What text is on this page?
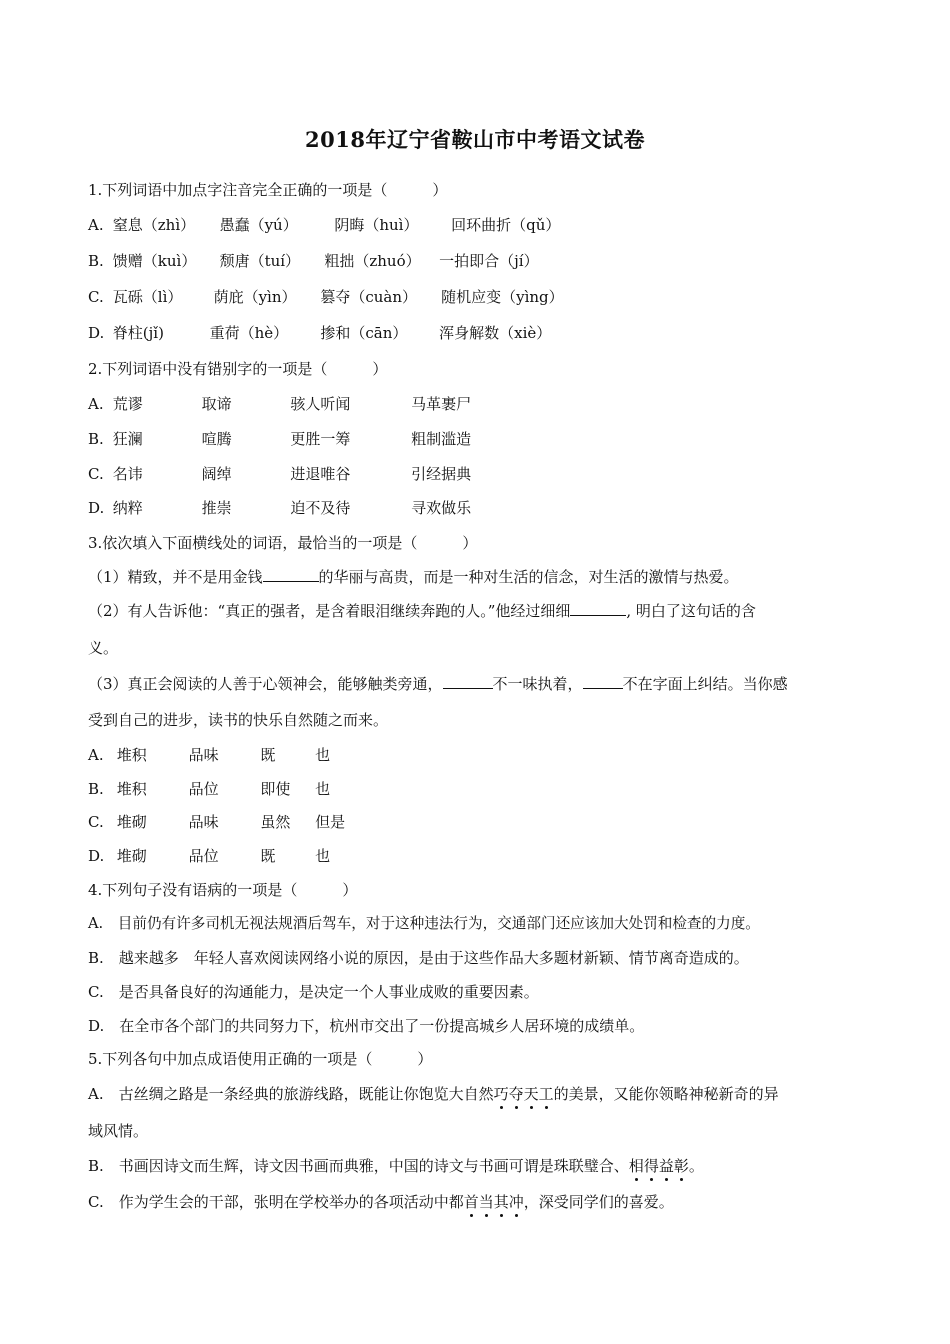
2018年辽宁省鞍山市中考语文试卷
1.下列词语中加点字注音完全正确的一项是（　　　）
A. 窒息（zhì） 愚蠢（yú） 阴晦（huì） 回环曲折（qǔ）
B. 馈赠（kuì） 颓唐（tuí） 粗拙（zhuó） 一拍即合（jí）
C. 瓦砾（lì） 荫庇（yìn） 篡夺（cuàn） 随机应变（yìng）
D. 脊柱(jǐ)	重荷（hè） 掺和（cān） 浑身解数（xiè）
2.下列词语中没有错别字的一项是（　　　）
A. 荒谬	取谛	骇人听闻	马革裹尸
B. 狂澜	喧腾	更胜一筹	粗制滥造
C. 名讳	阔绰	进退唯谷	引经据典
D. 纳粹	推崇	迫不及待	寻欢做乐
3.依次填入下面横线处的词语，最恰当的一项是（　　　）
（1）精致，并不是用金钱	的华丽与高贵，而是一种对生活的信念，对生活的激情与热爱。
（2）有人告诉他：“真正的强者，是含着眼泪继续奔跑的人。”他经过细细	, 明白了这句话的含
义。
（3）真正会阅读的人善于心领神会，能够触类旁通，	不一味执着，	不在字面上纠结。当你感
受到自己的进步，读书的快乐自然随之而来。
A. 堆积	品味	既	也
B. 堆积	品位	即使 也
C. 堆砌	品味	虽然 但是
D. 堆砌	品位	既	也
4.下列句子没有语病的一项是（　　　）
A.　目前仍有许多司机无视法规酒后驾车，对于这种违法行为，交通部门还应该加大处罚和检查的力度。
B.　越来越多　年轻人喜欢阅读网络小说的原因，是由于这些作品大多题材新颖、情节离奇造成的。
C.　是否具备良好的沟通能力，是决定一个人事业成败的重要因素。
D.　在全市各个部门的共同努力下，杭州市交出了一份提高城乡人居环境的成绩单。
5.下列各句中加点成语使用正确的一项是（　　　）
A.　古丝绸之路是一条经典的旅游线路，既能让你饱览大自然巧夺天工的美景，又能你领略神秘新奇的异
域风情。
B.　书画因诗文而生辉，诗文因书画而典雅，中国的诗文与书画可谓是珠联璧合、相得益彰。
C.　作为学生会的干部，张明在学校举办的各项活动中都首当其冲，深受同学们的喜爱。
